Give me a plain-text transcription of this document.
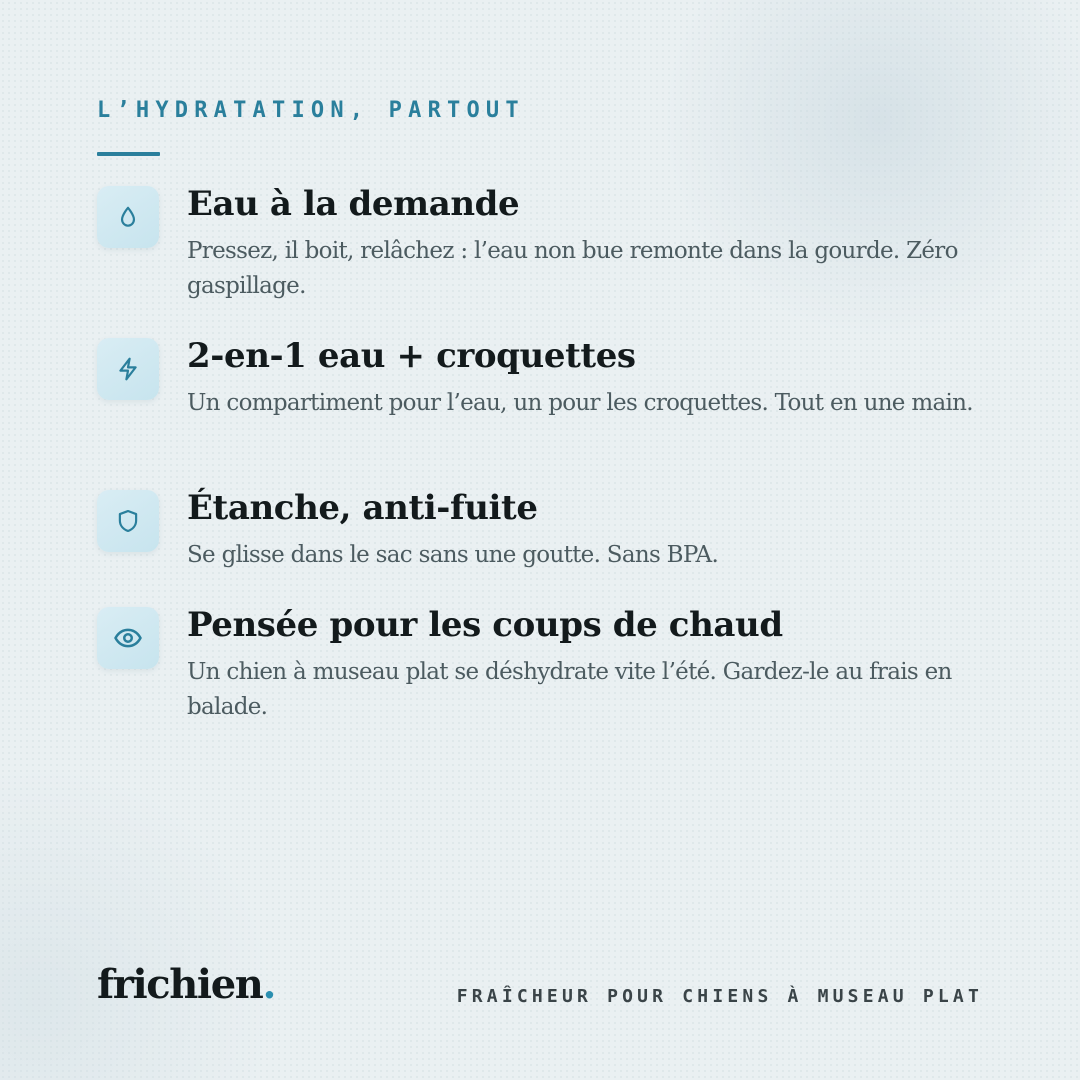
L’HYDRATATION, PARTOUT

Eau à la demande

Pressez, il boit, relâchez : l’eau non bue remonte dans la gourde. Zéro gaspillage.

2-en-1 eau + croquettes

Un compartiment pour l’eau, un pour les croquettes. Tout en une main.

Étanche, anti-fuite

Se glisse dans le sac sans une goutte. Sans BPA.

Pensée pour les coups de chaud

Un chien à museau plat se déshydrate vite l’été. Gardez-le au frais en balade.

frichien.	FRAÎCHEUR POUR CHIENS À MUSEAU PLAT
